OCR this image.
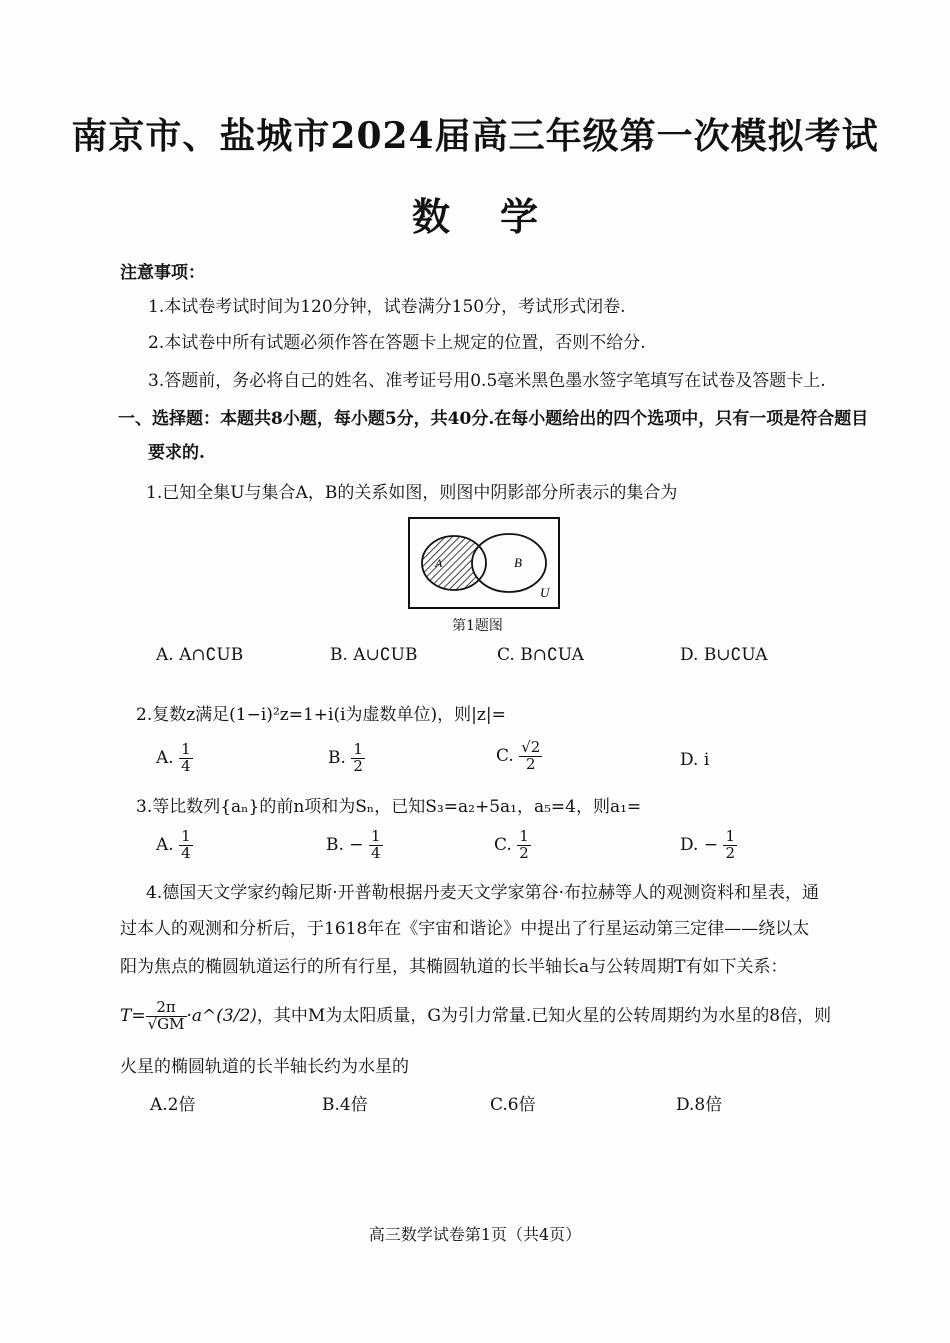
南京市、盐城市2024届高三年级第一次模拟考试
数学
注意事项：
1.本试卷考试时间为120分钟，试卷满分150分，考试形式闭卷.
2.本试卷中所有试题必须作答在答题卡上规定的位置，否则不给分.
3.答题前，务必将自己的姓名、准考证号用0.5毫米黑色墨水签字笔填写在试卷及答题卡上.
一、选择题：本题共8小题，每小题5分，共40分.在每小题给出的四个选项中，只有一项是符合题目
要求的.
1.已知全集U与集合A，B的关系如图，则图中阴影部分所表示的集合为
A	B
U
第1题图
A. A∩∁UB	B. A∪∁UB	C. B∩∁UA	D. B∪∁UA
2.复数z满足(1−i)²z=1+i(i为虚数单位)，则|z|=
A. $\frac{1}{4}$	B. $\frac{1}{2}$	C. $\frac{√2}{2}$	D. i
3.等比数列{aₙ}的前n项和为Sₙ，已知S₃=a₂+5a₁，a₅=4，则a₁=
A. $\frac{1}{4}$	B. − $\frac{1}{4}$	C. $\frac{1}{2}$	D. − $\frac{1}{2}$
4.德国天文学家约翰尼斯·开普勒根据丹麦天文学家第谷·布拉赫等人的观测资料和星表，通
过本人的观测和分析后，于1618年在《宇宙和谐论》中提出了行星运动第三定律——绕以太
阳为焦点的椭圆轨道运行的所有行星，其椭圆轨道的长半轴长a与公转周期T有如下关系：
$T= \frac{2\pi}{√GM}$ ·a^(3/2)，其中M为太阳质量，G为引力常量.已知火星的公转周期约为水星的8倍，则
火星的椭圆轨道的长半轴长约为水星的
A.2倍	B.4倍	C.6倍	D.8倍
高三数学试卷第1页（共4页）
